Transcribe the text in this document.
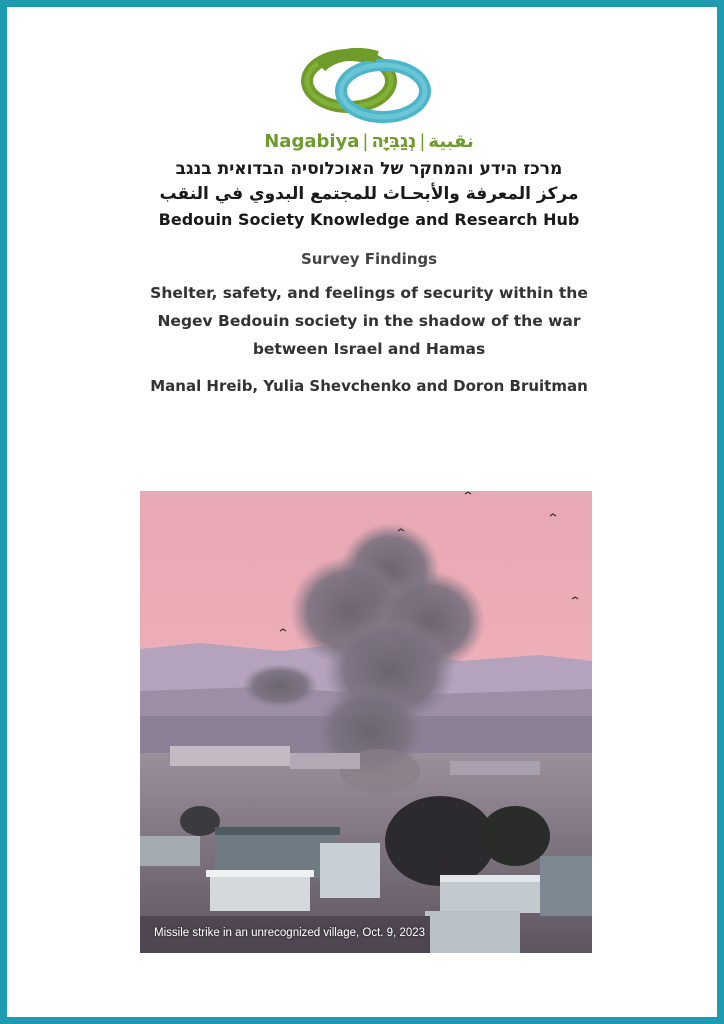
Nagabiya |	نقبية|נְגַבִּיָּה
מרכז הידע והמחקר של האוכלוסיה הבדואית בנגב
مركز المعرفة والأبحـاث للمجتمع البدوي في النقب
Bedouin Society Knowledge and Research Hub
Survey Findings
Shelter, safety, and feelings of security within the Negev Bedouin society in the shadow of the war between Israel and Hamas
Manal Hreib, Yulia Shevchenko and Doron Bruitman
Missile strike in an unrecognized village, Oct. 9, 2023
